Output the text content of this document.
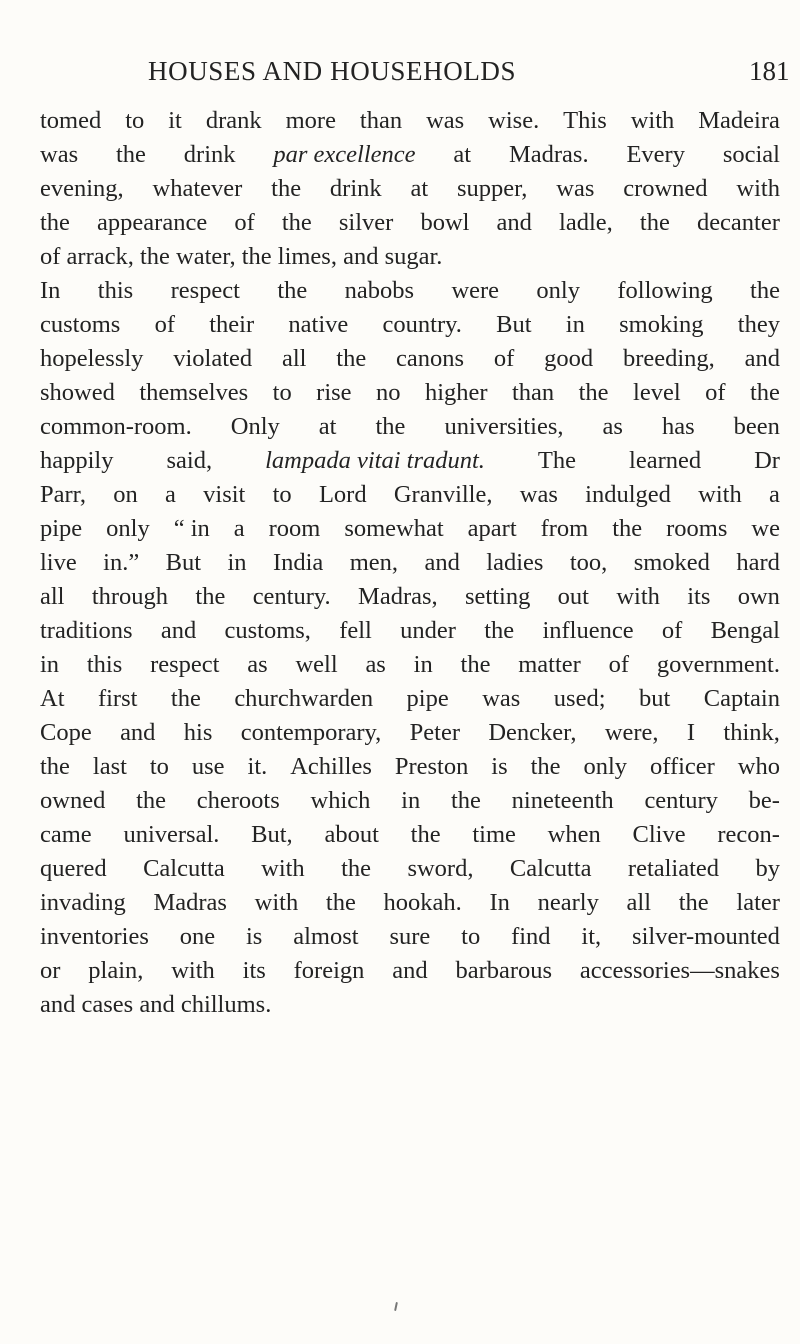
HOUSES AND HOUSEHOLDS	181
tomed to it drank more than was wise. This with Madeira
was the drink par excellence at Madras. Every social
evening, whatever the drink at supper, was crowned with
the appearance of the silver bowl and ladle, the decanter
of arrack, the water, the limes, and sugar.
In this respect the nabobs were only following the
customs of their native country. But in smoking they
hopelessly violated all the canons of good breeding, and
showed themselves to rise no higher than the level of the
common-room. Only at the universities, as has been
happily said, lampada vitai tradunt. The learned Dr
Parr, on a visit to Lord Granville, was indulged with a
pipe only “ in a room somewhat apart from the rooms we
live in.” But in India men, and ladies too, smoked hard
all through the century. Madras, setting out with its own
traditions and customs, fell under the influence of Bengal
in this respect as well as in the matter of government.
At first the churchwarden pipe was used; but Captain
Cope and his contemporary, Peter Dencker, were, I think,
the last to use it. Achilles Preston is the only officer who
owned the cheroots which in the nineteenth century be-
came universal. But, about the time when Clive recon-
quered Calcutta with the sword, Calcutta retaliated by
invading Madras with the hookah. In nearly all the later
inventories one is almost sure to find it, silver-mounted
or plain, with its foreign and barbarous accessories—snakes
and cases and chillums.
